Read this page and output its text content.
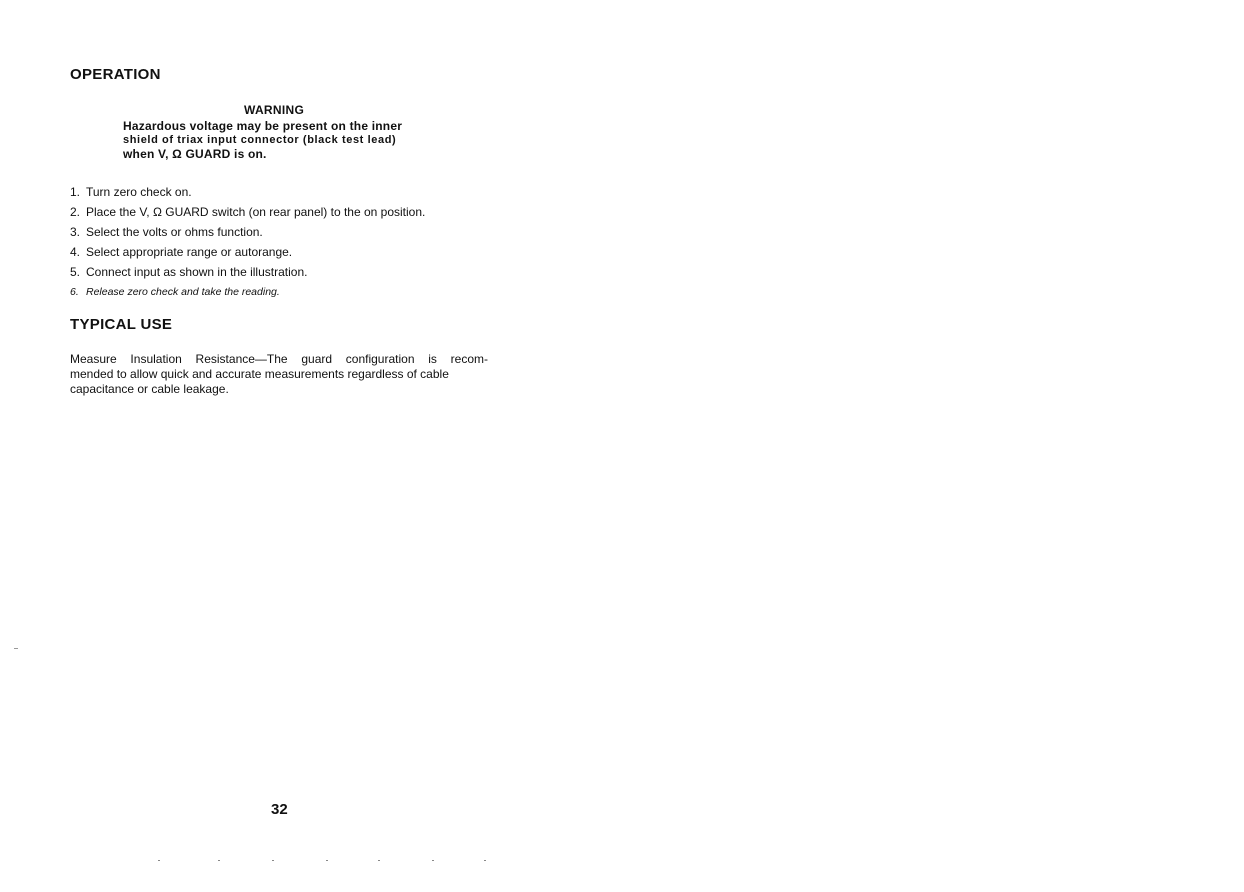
OPERATION
WARNING
Hazardous voltage may be present on the inner
shield of triax input connector (black test lead)
when V, Ω GUARD is on.
1. Turn zero check on.
2. Place the V, Ω GUARD switch (on rear panel) to the on position.
3. Select the volts or ohms function.
4. Select appropriate range or autorange.
5. Connect input as shown in the illustration.
6. Release zero check and take the reading.
TYPICAL USE
Measure Insulation Resistance—The guard configuration is recom-
mended to allow quick and accurate measurements regardless of cable
capacitance or cable leakage.
32
